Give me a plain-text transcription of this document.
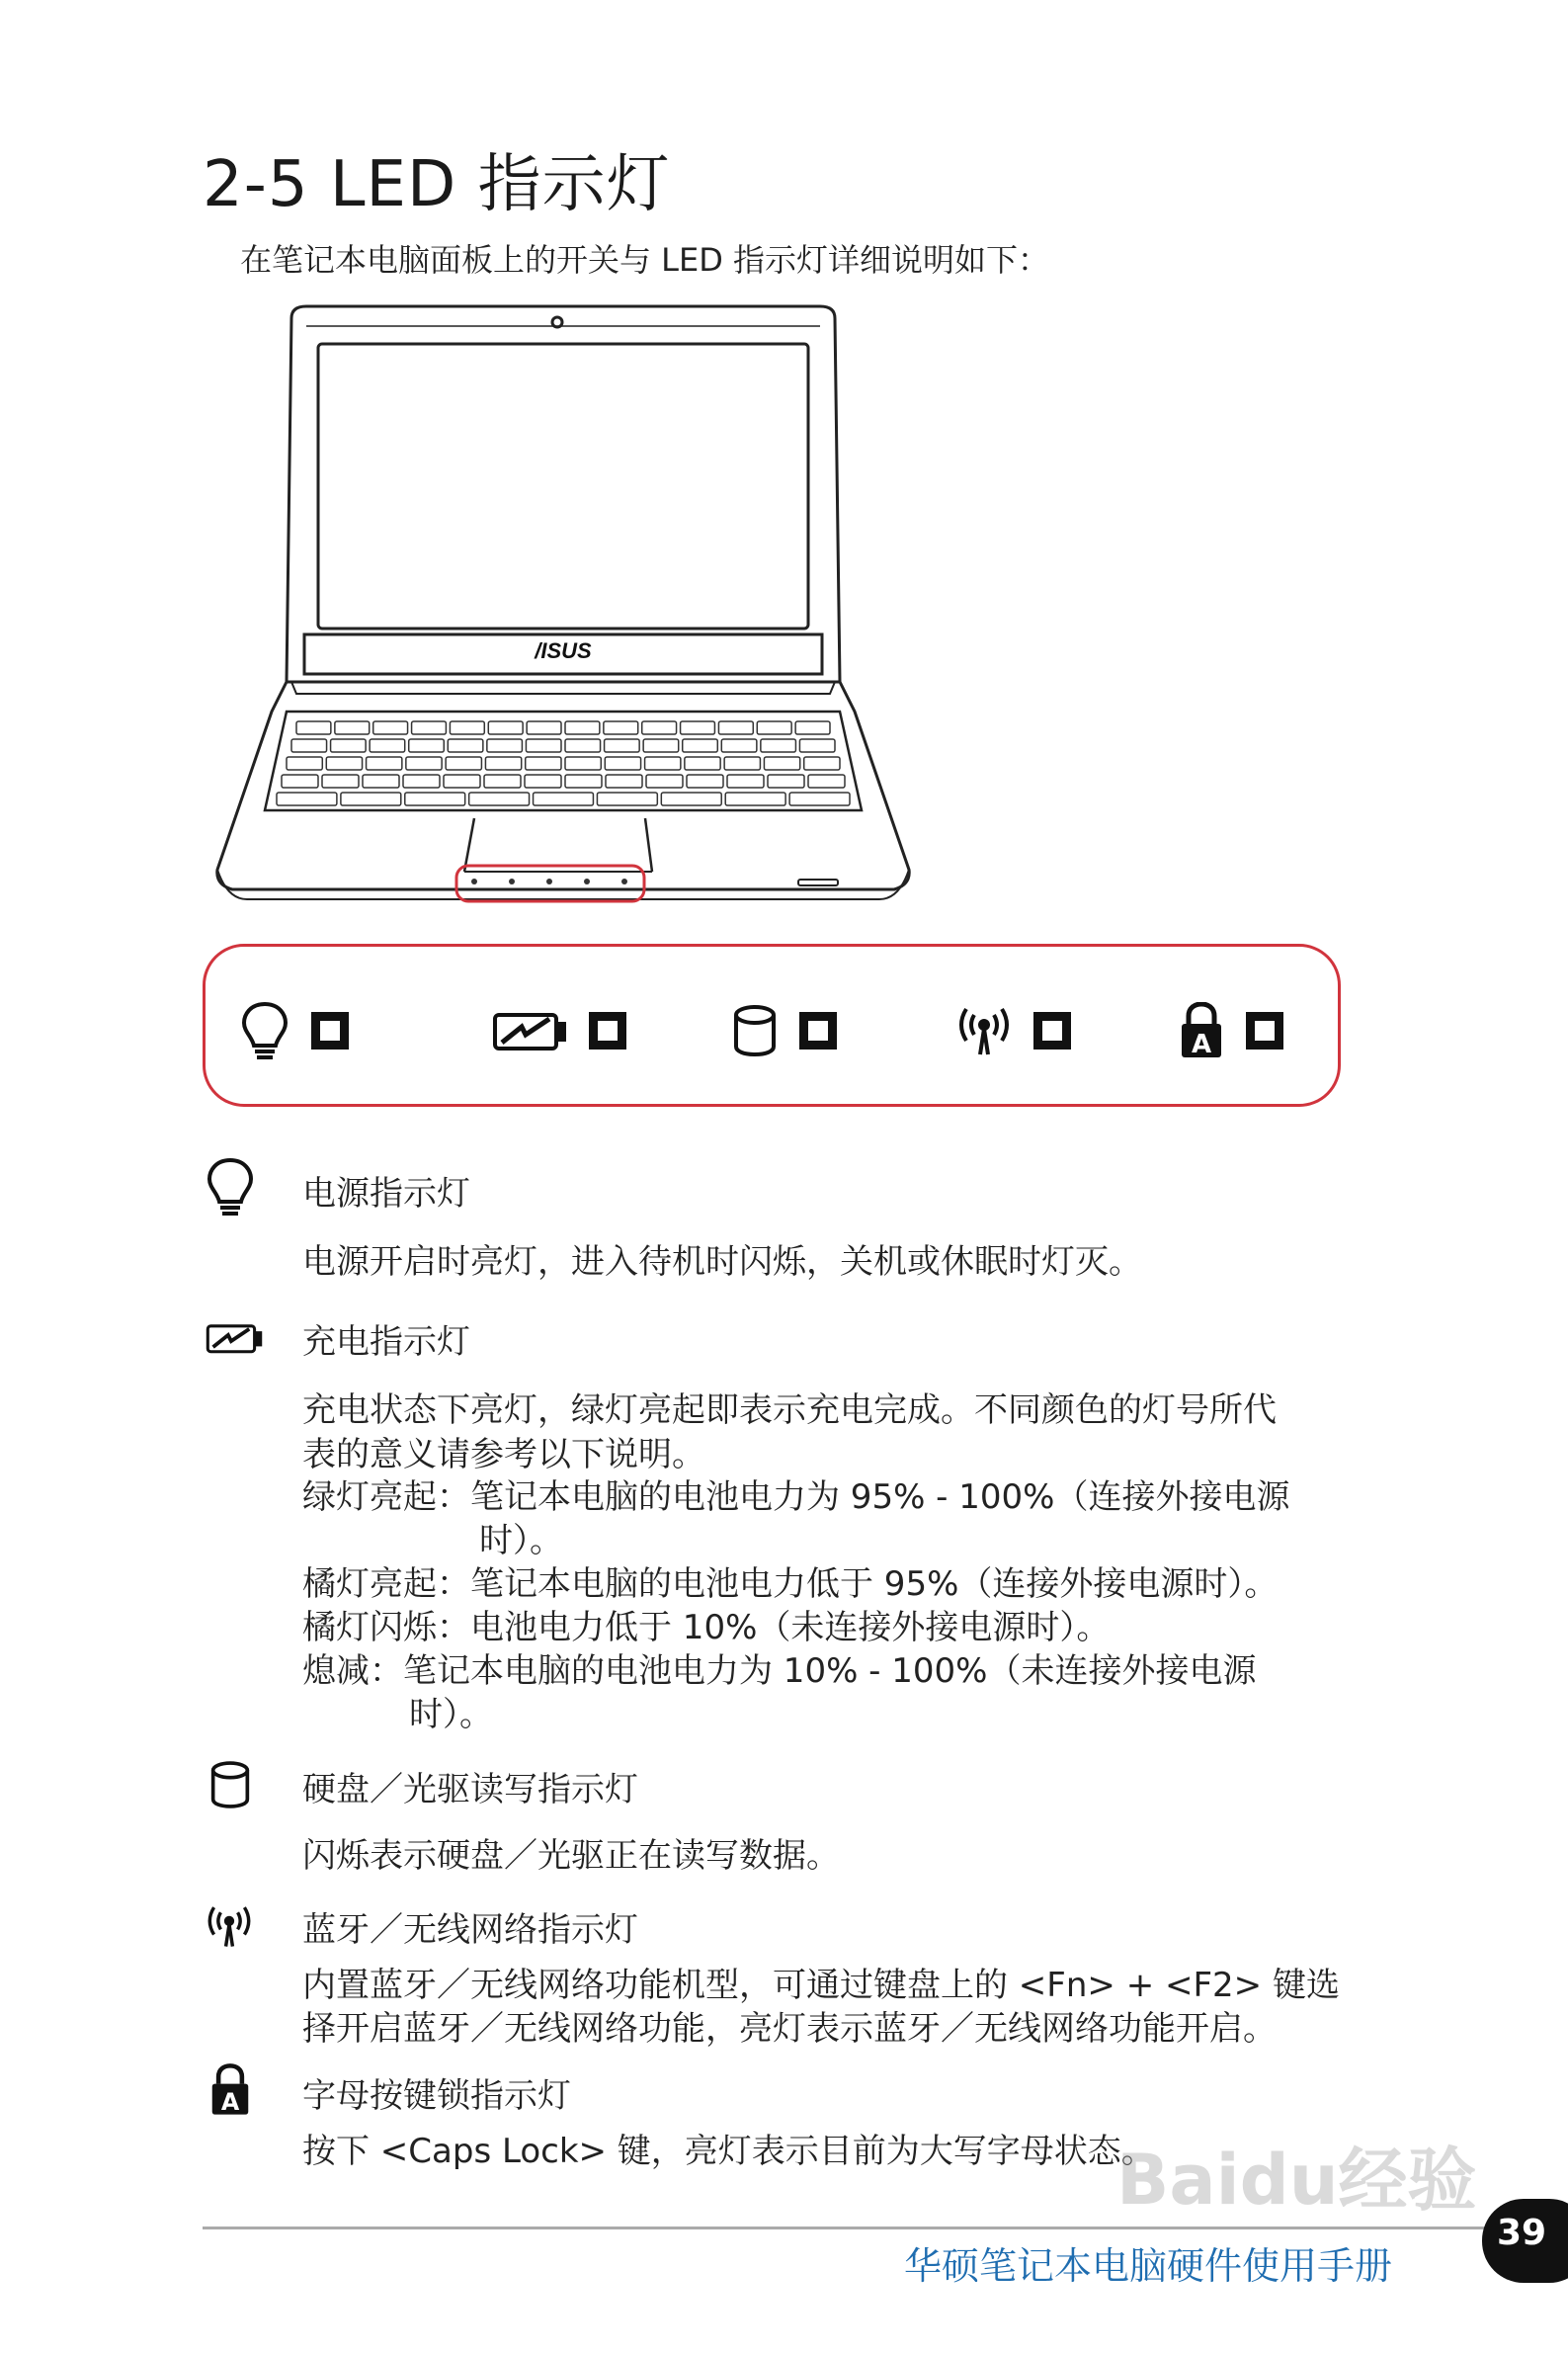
2-5 LED 指示灯
在笔记本电脑面板上的开关与 LED 指示灯详细说明如下：
/ISUS
A
电源指示灯
电源开启时亮灯，进入待机时闪烁，关机或休眠时灯灭。
充电指示灯
充电状态下亮灯，绿灯亮起即表示充电完成。不同颜色的灯号所代
表的意义请参考以下说明。
绿灯亮起：笔记本电脑的电池电力为 95% - 100%（连接外接电源
时）。
橘灯亮起：笔记本电脑的电池电力低于 95%（连接外接电源时）。
橘灯闪烁：电池电力低于 10%（未连接外接电源时）。
熄减：笔记本电脑的电池电力为 10% - 100%（未连接外接电源
时）。
硬盘／光驱读写指示灯
闪烁表示硬盘／光驱正在读写数据。
蓝牙／无线网络指示灯
内置蓝牙／无线网络功能机型，可通过键盘上的 <Fn> + <F2> 键选
择开启蓝牙／无线网络功能，亮灯表示蓝牙／无线网络功能开启。
A 字母按键锁指示灯
按下 <Caps Lock> 键，亮灯表示目前为大写字母状态。
Baidu经验
华硕笔记本电脑硬件使用手册
39
